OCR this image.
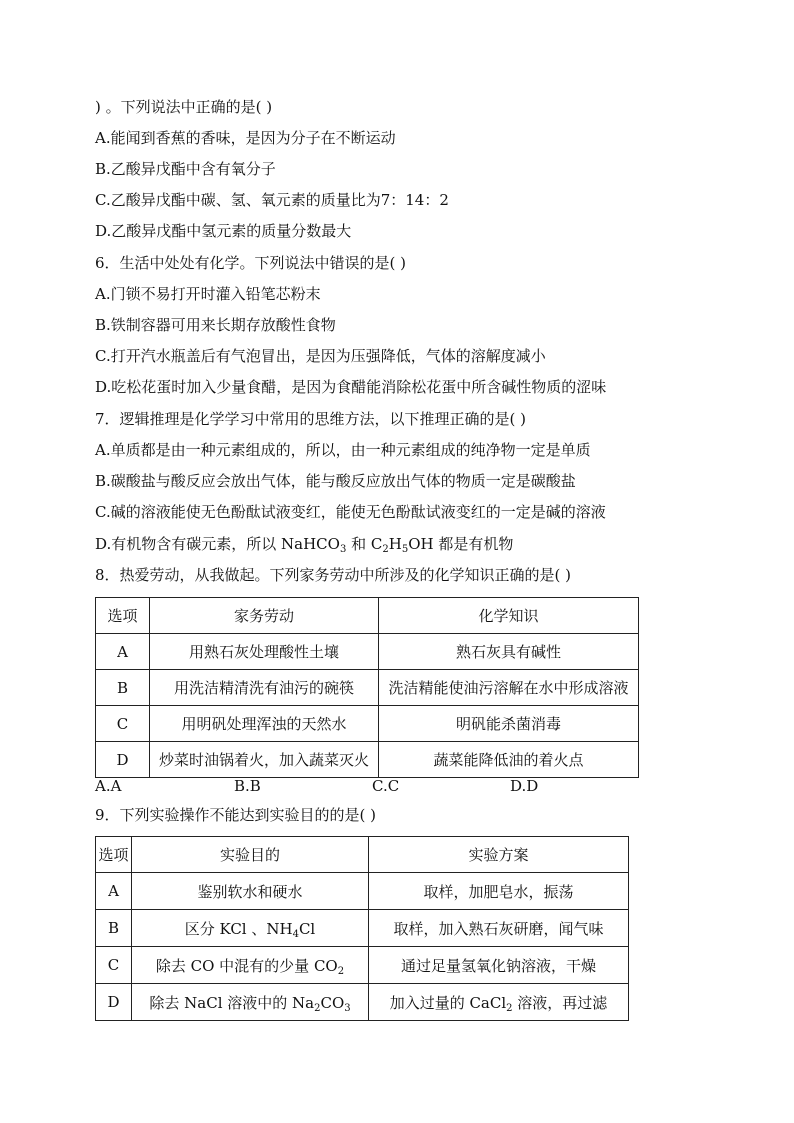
) 。下列说法中正确的是( )
A.能闻到香蕉的香味，是因为分子在不断运动
B.乙酸异戊酯中含有氧分子
C.乙酸异戊酯中碳、氢、氧元素的质量比为7：14：2
D.乙酸异戊酯中氢元素的质量分数最大
6．生活中处处有化学。下列说法中错误的是( )
A.门锁不易打开时灌入铅笔芯粉末
B.铁制容器可用来长期存放酸性食物
C.打开汽水瓶盖后有气泡冒出，是因为压强降低，气体的溶解度减小
D.吃松花蛋时加入少量食醋，是因为食醋能消除松花蛋中所含碱性物质的涩味
7．逻辑推理是化学学习中常用的思维方法，以下推理正确的是( )
A.单质都是由一种元素组成的，所以，由一种元素组成的纯净物一定是单质
B.碳酸盐与酸反应会放出气体，能与酸反应放出气体的物质一定是碳酸盐
C.碱的溶液能使无色酚酞试液变红，能使无色酚酞试液变红的一定是碱的溶液
D.有机物含有碳元素，所以 NaHCO$_3$ 和 $C_2H_5OH$ 都是有机物
8．热爱劳动，从我做起。下列家务劳动中所涉及的化学知识正确的是( )
选项	家务劳动	化学知识
A	用熟石灰处理酸性土壤	熟石灰具有碱性
B	用洗洁精清洗有油污的碗筷	洗洁精能使油污溶解在水中形成溶液
C	用明矾处理浑浊的天然水	明矾能杀菌消毒
D	炒菜时油锅着火，加入蔬菜灭火	蔬菜能降低油的着火点
A.A	B.B	C.C	D.D
9．下列实验操作不能达到实验目的的是( )
选项	实验目的	实验方案
A	鉴别软水和硬水	取样，加肥皂水，振荡
B	区分 KCl 、$NH_4Cl$	取样，加入熟石灰研磨，闻气味
C	除去 CO 中混有的少量 $CO_2$	通过足量氢氧化钠溶液，干燥
D	除去 NaCl 溶液中的 $Na_2CO_3$	加入过量的 CaCl$_2$ 溶液，再过滤
